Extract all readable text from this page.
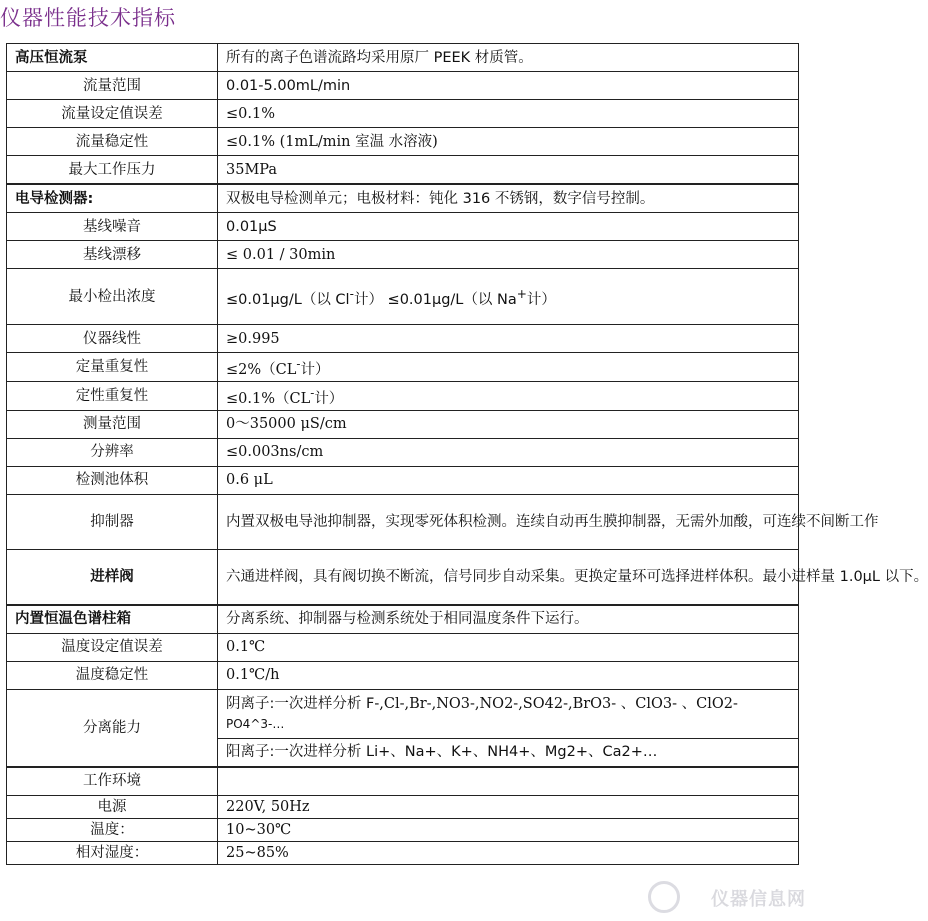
仪器性能技术指标
高压恒流泵	所有的离子色谱流路均采用原厂 PEEK 材质管。
流量范围	0.01-5.00mL/min
流量设定值误差	≤0.1%
流量稳定性	≤0.1% (1mL/min 室温 水溶液)
最大工作压力	35MPa
电导检测器:	双极电导检测单元；电极材料：钝化 316 不锈钢，数字信号控制。
基线噪音	0.01μS
基线漂移	≤ 0.01 / 30min
最小检出浓度	≤0.01μg/L（以 Cl-计） ≤0.01μg/L（以 Na+计）
仪器线性	≥0.995
定量重复性	≤2%（CL-计）
定性重复性	≤0.1%（CL-计）
测量范围	0～35000 μS/cm
分辨率	≤0.003ns/cm
检测池体积	0.6 μL
抑制器	内置双极电导池抑制器，实现零死体积检测。连续自动再生膜抑制器，无需外加酸，可连续不间断工作
进样阀	六通进样阀，具有阀切换不断流，信号同步自动采集。更换定量环可选择进样体积。最小进样量 1.0μL 以下。
内置恒温色谱柱箱	分离系统、抑制器与检测系统处于相同温度条件下运行。
温度设定值误差	0.1℃
温度稳定性	0.1℃/h
分离能力	阴离子:一次进样分析 F-,Cl-,Br-,NO3-,NO2-,SO42-,BrO3- 、ClO3- 、ClO2-
PO4^3-…
	阳离子:一次进样分析 Li+、Na+、K+、NH4+、Mg2+、Ca2+…
工作环境	
电源	220V, 50Hz
温度：	10~30℃
相对湿度：	25~85%
仪器信息网
